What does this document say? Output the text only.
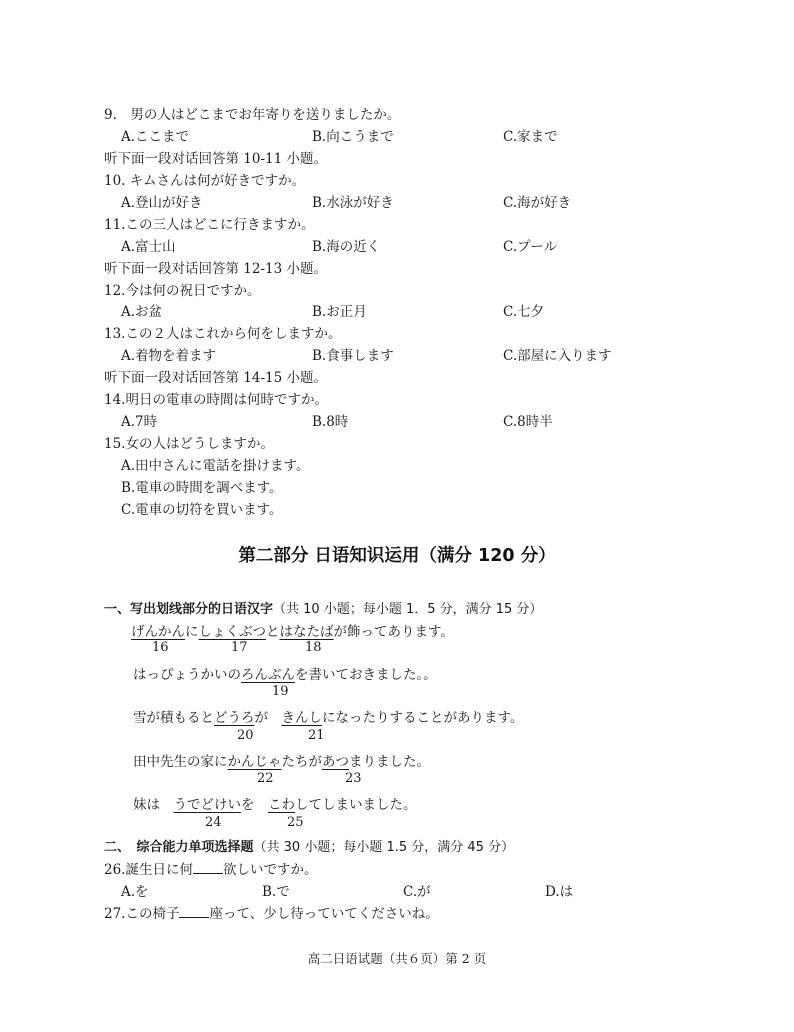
9.　男の人はどこまでお年寄りを送りましたか。
A.ここまで	B.向こうまで	C.家まで
听下面一段对话回答第 10-11 小题。
10. キムさんは何が好きですか。
A.登山が好き	B.水泳が好き	C.海が好き
11.この三人はどこに行きますか。
A.富士山	B.海の近く	C.プール
听下面一段对话回答第 12-13 小题。
12.今は何の祝日ですか。
A.お盆	B.お正月	C.七夕
13.この２人はこれから何をしますか。
A.着物を着ます	B.食事します	C.部屋に入ります
听下面一段对话回答第 14-15 小题。
14.明日の電車の時間は何時ですか。
A.7時	B.8時	C.8時半
15.女の人はどうしますか。
A.田中さんに電話を掛けます。
B.電車の時間を調べます。
C.電車の切符を買います。
第二部分 日语知识运用（满分 120 分）
一、写出划线部分的日语汉字（共 10 小题；每小题 1．5 分，满分 15 分）
げんかんにしょくぶつとはなたばが飾ってあります。
16	17	18
はっぴょうかいのろんぶんを書いておきました。。
19
雪が積もるとどうろが　きんしになったりすることがあります。
20	21
田中先生の家にかんじゃたちがあつまりました。
22	23
妹は　うでどけいを　こわしてしまいました。
24	25
二、　综合能力单项选择题（共 30 小题；每小题 1.5 分，满分 45 分）
26.誕生日に何 欲しいですか。
A.を	B.で	C.が	D.は
27.この椅子 座って、少し待っていてくださいね。
高二日语试题（共６页）第 2 页
